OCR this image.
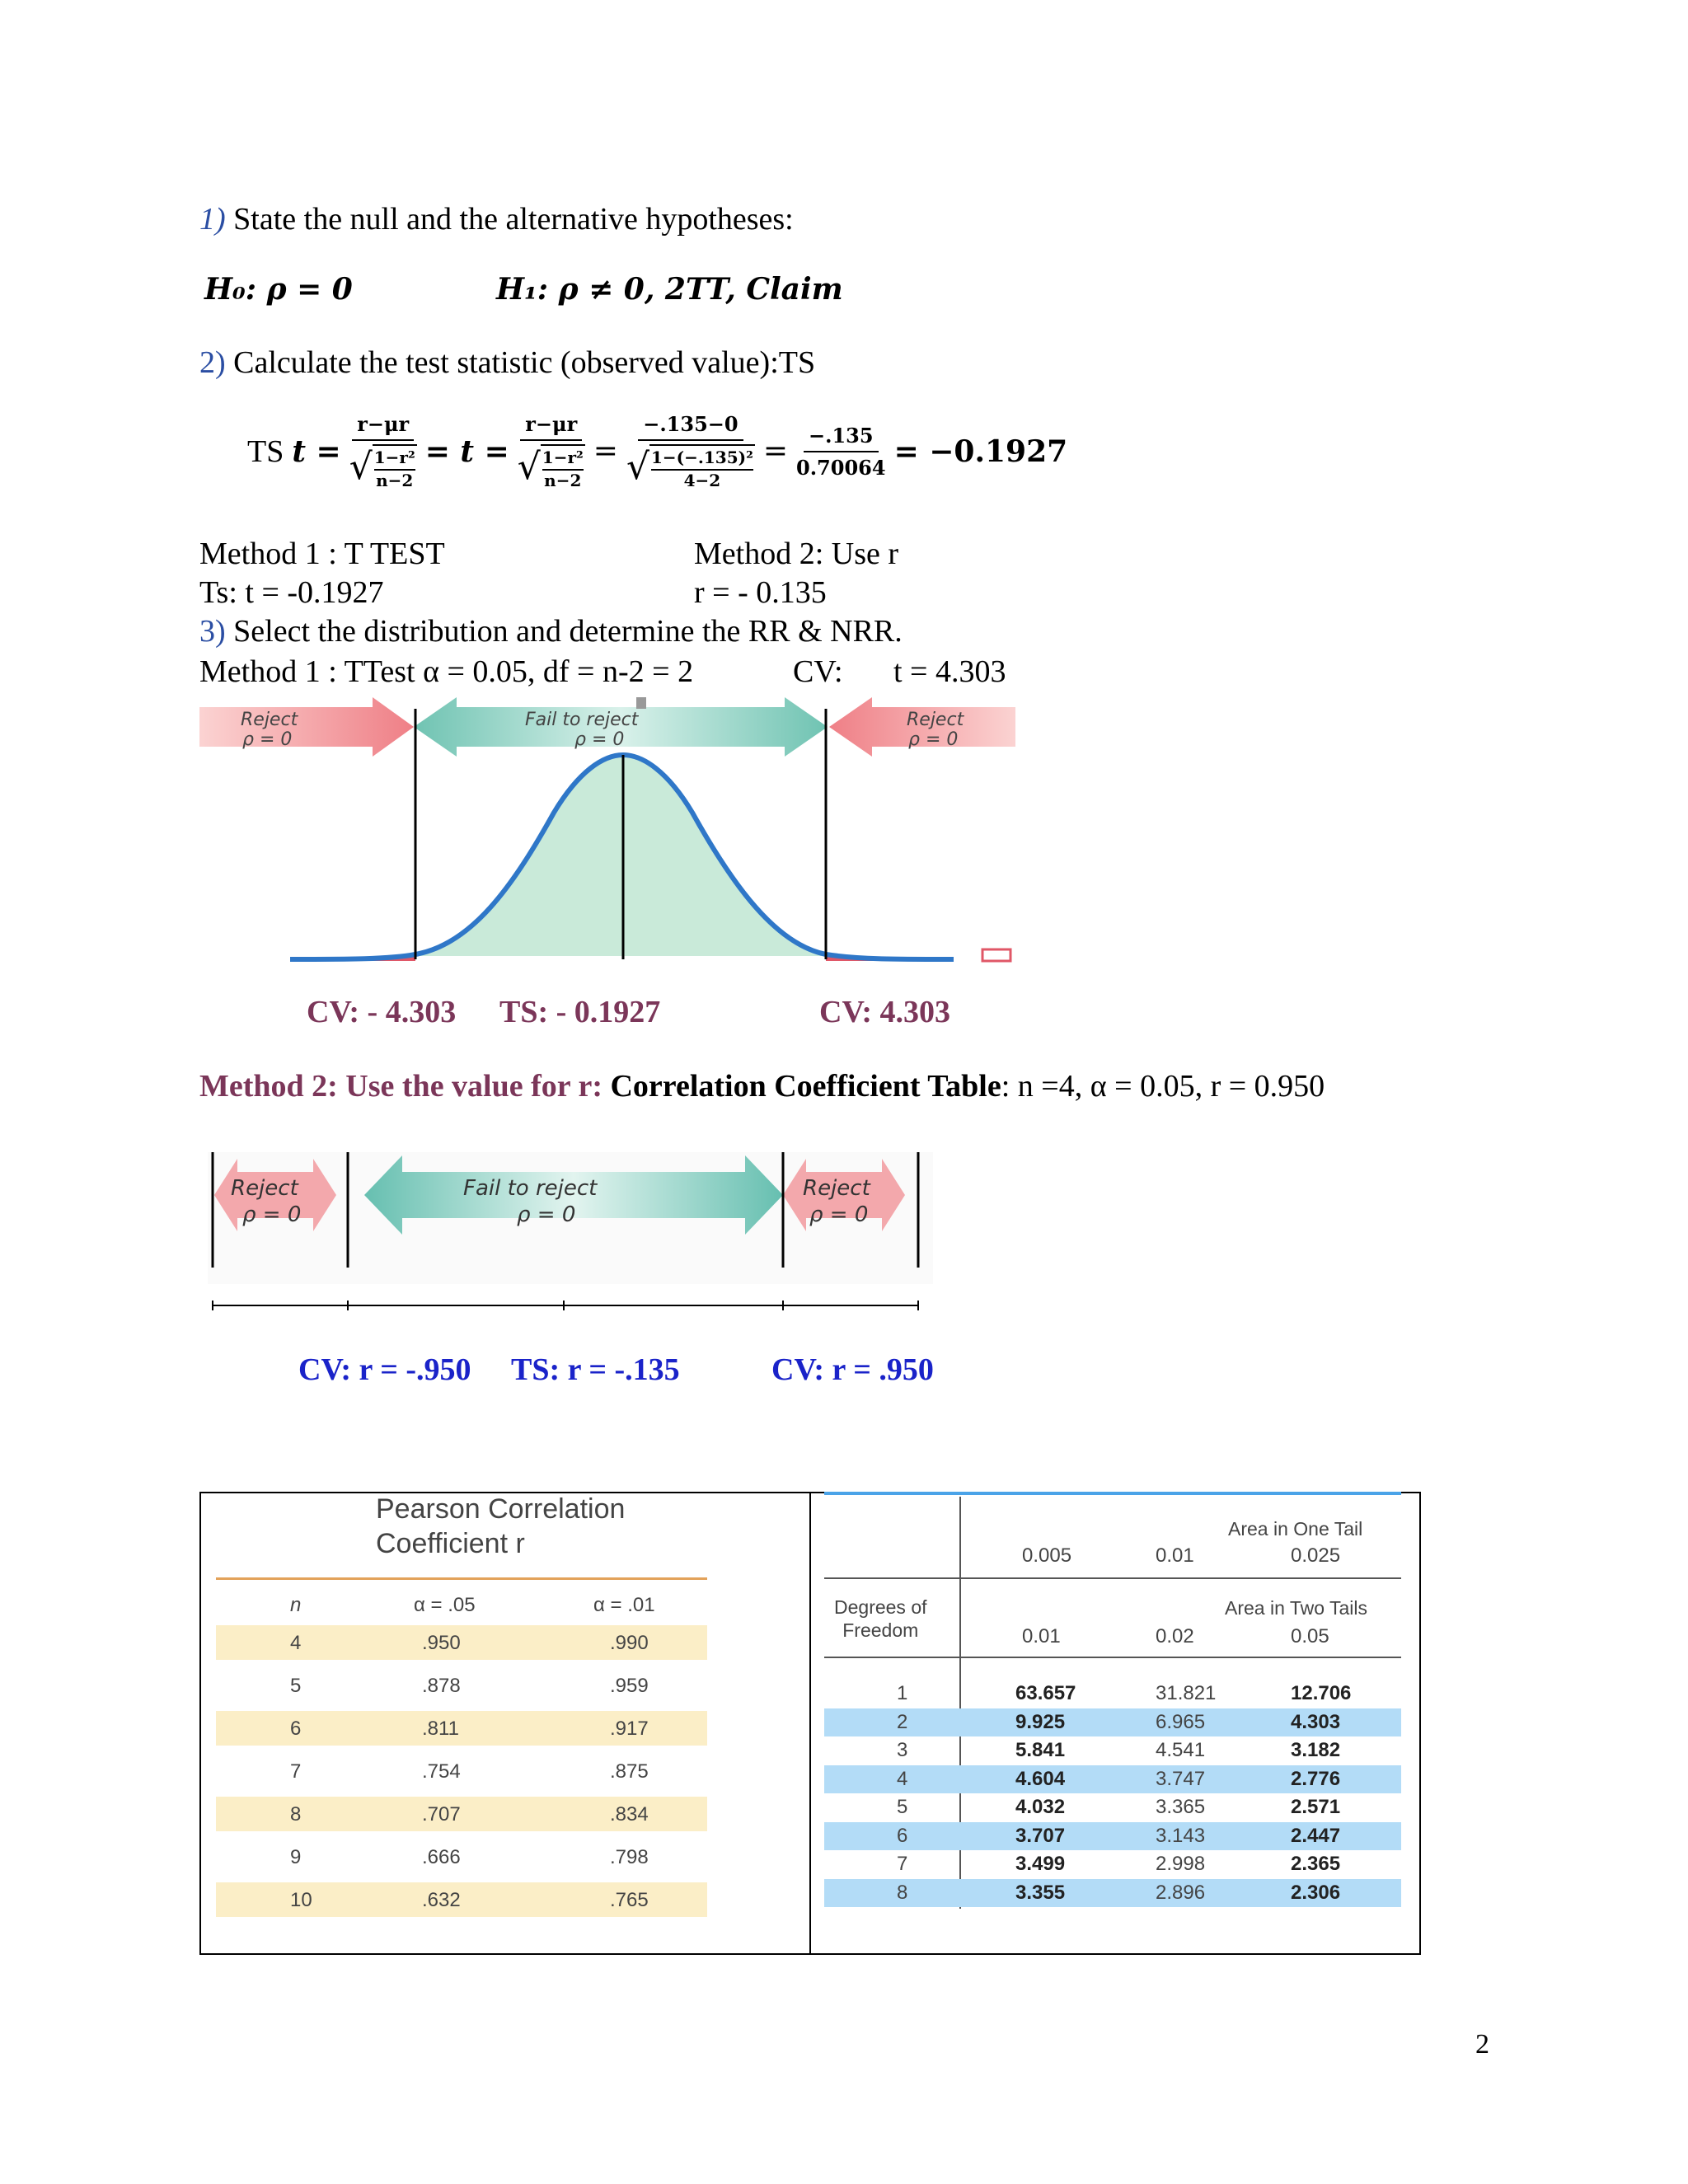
1) State the null and the alternative hypotheses:
H₀: ρ = 0	H₁: ρ ≠ 0, 2TT, Claim
2) Calculate the test statistic (observed value):TS
TS t = r−μr
√ 1−r²
n−2 = t = r−μr
√ 1−r²
n−2 = −.135−0
√ 1−(−.135)²
$4-2 = \frac{-.135}{0.70064} = -0.1927$
Method 1 : T TEST	Method 2: Use r
Ts: t = -0.1927	r = - 0.135
3) Select the distribution and determine the RR & NRR.
Method 1 : TTest α = 0.05, df = n-2 = 2	CV: t = 4.303
Reject
ρ = 0
Fail to reject
ρ = 0
Reject
ρ = 0
CV: - 4.303 TS: - 0.1927	CV: 4.303
Method 2: Use the value for r: Correlation Coefficient Table: n =4, α = 0.05, r = 0.950
Reject
ρ = 0
Fail to reject
ρ = 0
Reject
ρ = 0
CV: r = -.950 TS: r = -.135	CV: r = .950
Pearson Correlation
Coefficient r
n	α = .05	α = .01
4	.950	.990
5	.878	.959
6	.811	.917
7	.754	.875
8	.707	.834
9	.666	.798
10	.632	.765
Area in One Tail
0.005	0.01	0.025
Degrees of
Freedom
Area in Two Tails
0.01	0.02	0.05
1	63.657	31.821	12.706
2	9.925	6.965	4.303
3	5.841	4.541	3.182
4	4.604	3.747	2.776
5	4.032	3.365	2.571
6	3.707	3.143	2.447
7	3.499	2.998	2.365
8	3.355	2.896	2.306
2
